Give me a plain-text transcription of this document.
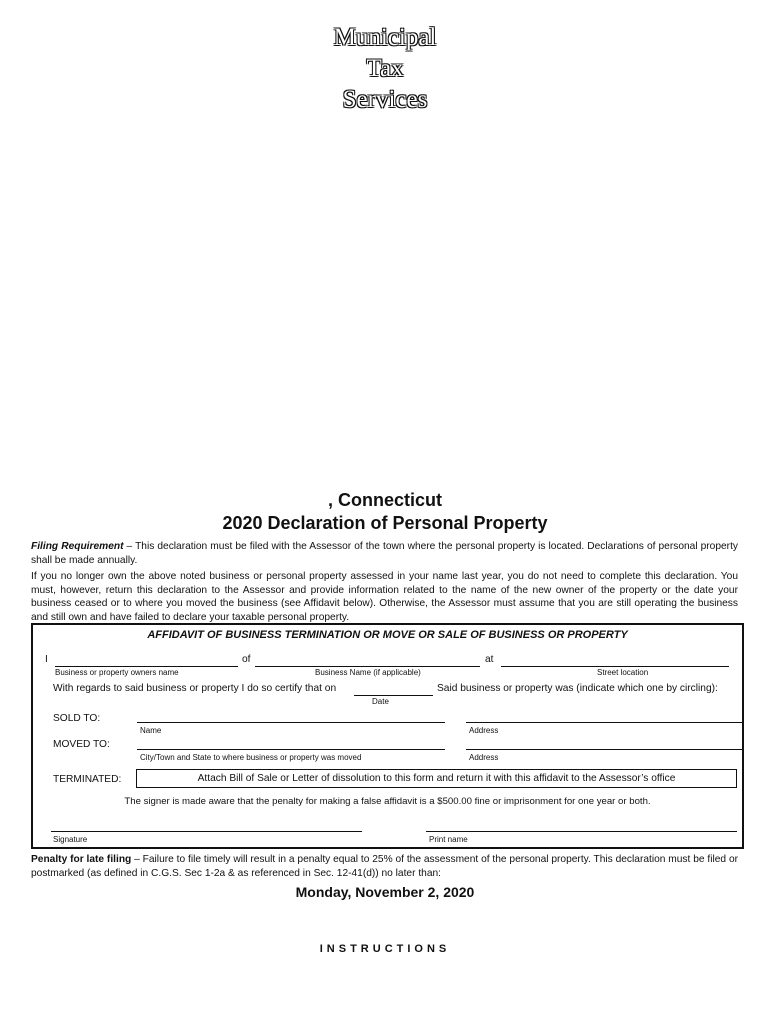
Municipal
Tax
Services
, Connecticut
2020 Declaration of Personal Property
Filing Requirement – This declaration must be filed with the Assessor of the town where the personal property is located. Declarations of personal property shall be made annually.
If you no longer own the above noted business or personal property assessed in your name last year, you do not need to complete this declaration. You must, however, return this declaration to the Assessor and provide information related to the name of the new owner of the property or the date your business ceased or to where you moved the business (see Affidavit below). Otherwise, the Assessor must assume that you are still operating the business and still own and have failed to declare your taxable personal property.
AFFIDAVIT OF BUSINESS TERMINATION OR MOVE OR SALE OF BUSINESS OR PROPERTY
I	of	at
Business or property owners name	Business Name (if applicable)	Street location
With regards to said business or property I do so certify that on	Said business or property was (indicate which one by circling):
Date
SOLD TO:
Name	Address
MOVED TO:
City/Town and State to where business or property was moved	Address
TERMINATED:	Attach Bill of Sale or Letter of dissolution to this form and return it with this affidavit to the Assessor’s office
The signer is made aware that the penalty for making a false affidavit is a $500.00 fine or imprisonment for one year or both.
Signature	Print name
Penalty for late filing – Failure to file timely will result in a penalty equal to 25% of the assessment of the personal property. This declaration must be filed or postmarked (as defined in C.G.S. Sec 1-2a & as referenced in Sec. 12-41(d)) no later than:
Monday, November 2, 2020
INSTRUCTIONS
